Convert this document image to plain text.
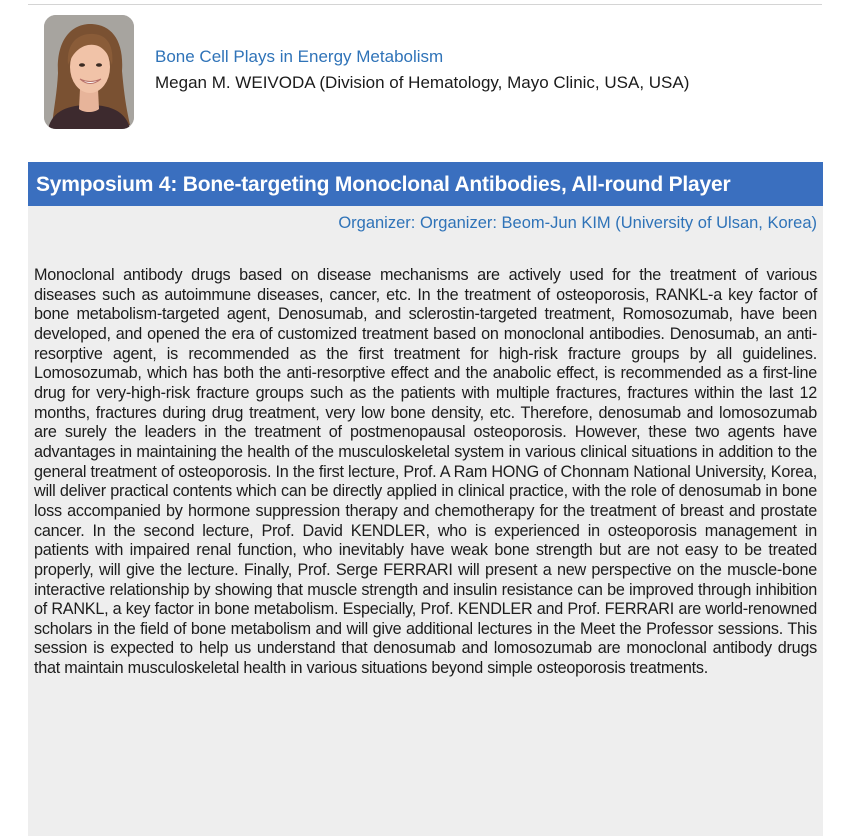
Bone Cell Plays in Energy Metabolism
Megan M. WEIVODA (Division of Hematology, Mayo Clinic, USA, USA)
Symposium 4: Bone-targeting Monoclonal Antibodies, All-round Player
Organizer: Organizer: Beom-Jun KIM (University of Ulsan, Korea)

Monoclonal antibody drugs based on disease mechanisms are actively used for the treatment of various diseases such as autoimmune diseases, cancer, etc. In the treatment of osteoporosis, RANKL-a key factor of bone metabolism-targeted agent, Denosumab, and sclerostin-targeted treatment, Romosozumab, have been developed, and opened the era of customized treatment based on monoclonal antibodies. Denosumab, an anti-resorptive agent, is recommended as the first treatment for high-risk fracture groups by all guidelines. Lomosozumab, which has both the anti-resorptive effect and the anabolic effect, is recommended as a first-line drug for very-high-risk fracture groups such as the patients with multiple fractures, fractures within the last 12 months, fractures during drug treatment, very low bone density, etc. Therefore, denosumab and lomosozumab are surely the leaders in the treatment of postmenopausal osteoporosis. However, these two agents have advantages in maintaining the health of the musculoskeletal system in various clinical situations in addition to the general treatment of osteoporosis. In the first lecture, Prof. A Ram HONG of Chonnam National University, Korea, will deliver practical contents which can be directly applied in clinical practice, with the role of denosumab in bone loss accompanied by hormone suppression therapy and chemotherapy for the treatment of breast and prostate cancer. In the second lecture, Prof. David KENDLER, who is experienced in osteoporosis management in patients with impaired renal function, who inevitably have weak bone strength but are not easy to be treated properly, will give the lecture. Finally, Prof. Serge FERRARI will present a new perspective on the muscle-bone interactive relationship by showing that muscle strength and insulin resistance can be improved through inhibition of RANKL, a key factor in bone metabolism. Especially, Prof. KENDLER and Prof. FERRARI are world-renowned scholars in the field of bone metabolism and will give additional lectures in the Meet the Professor sessions. This session is expected to help us understand that denosumab and lomosozumab are monoclonal antibody drugs that maintain musculoskeletal health in various situations beyond simple osteoporosis treatments.
